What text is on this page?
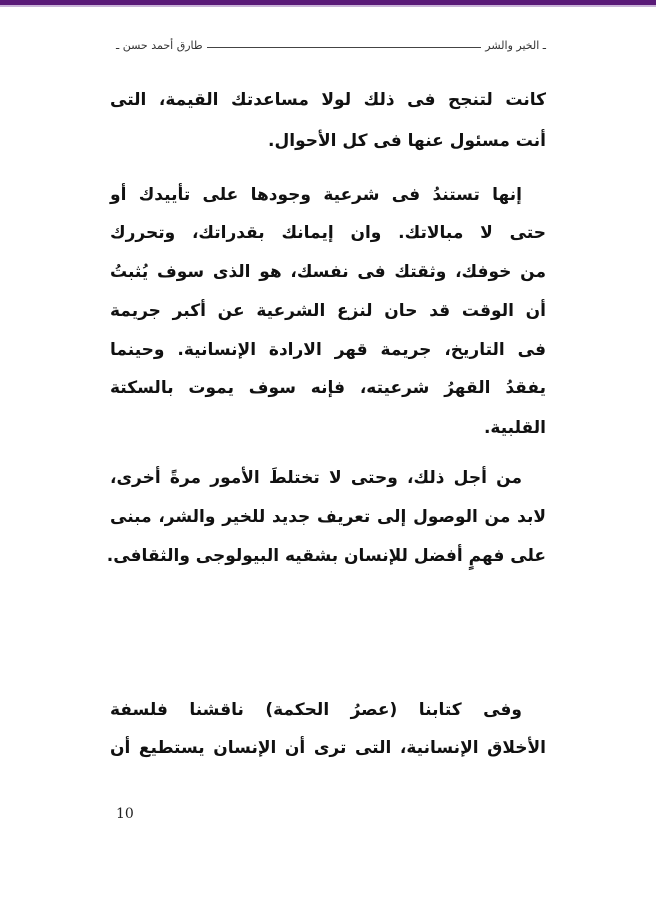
ـ الخير والشر
طارق أحمد حسن ـ
كانت لتنجح فى ذلك لولا مساعدتك القيمة، التى
أنت مسئول عنها فى كل الأحوال.
إنها تستندُ فى شرعية وجودها على تأييدك أو
حتى لا مبالاتك. وان إيمانك بقدراتك، وتحررك
من خوفك، وثقتك فى نفسك، هو الذى سوف يُثبتُ
أن الوقت قد حان لنزع الشرعية عن أكبر جريمة
فى التاريخ، جريمة قهر الارادة الإنسانية. وحينما
يفقدُ القهرُ شرعيته، فإنه سوف يموت بالسكتة
القلبية.
من أجل ذلك، وحتى لا تختلطَ الأمور مرةً أخرى،
لابد من الوصول إلى تعريف جديد للخير والشر، مبنى
على فهمٍ أفضل للإنسان بشقيه البيولوجى والثقافى.
وفى كتابنا (عصرُ الحكمة) ناقشنا فلسفة
الأخلاق الإنسانية، التى ترى أن الإنسان يستطيع أن
10
